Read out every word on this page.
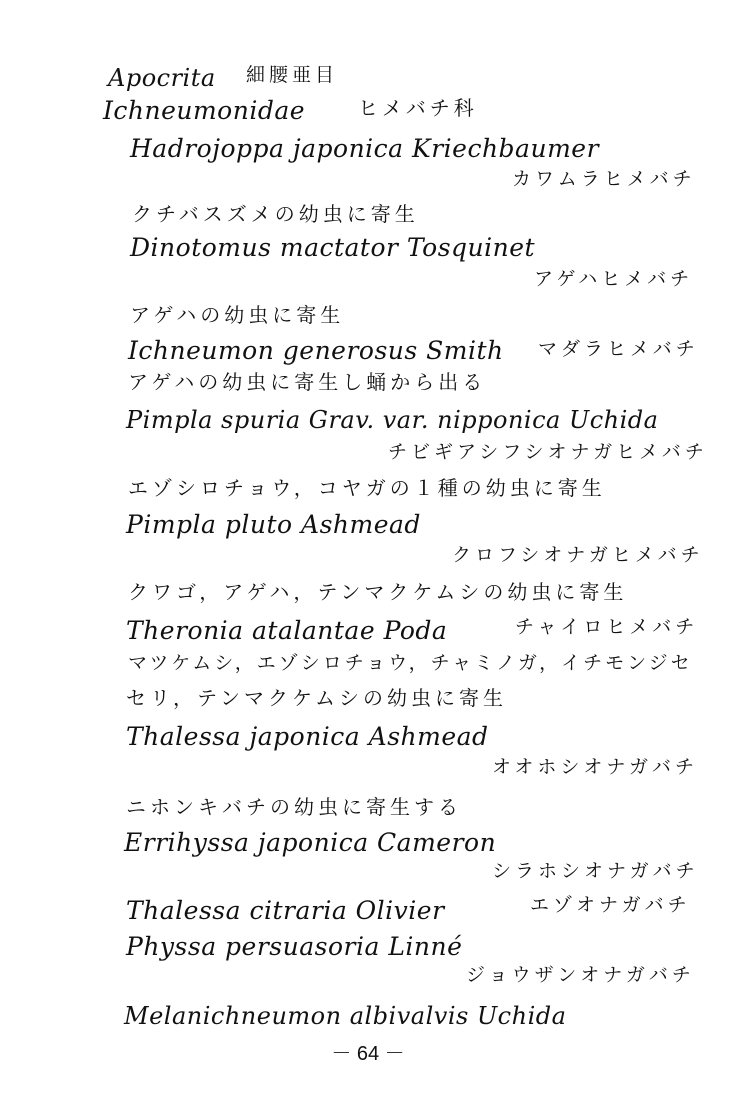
Apocrita 細腰亜目
Ichneumonidae	ヒメバチ科
Hadrojoppa japonica Kriechbaumer
カワムラヒメバチ
クチバスズメの幼虫に寄生
Dinotomus mactator Tosquinet
アゲハヒメバチ
アゲハの幼虫に寄生
Ichneumon generosus Smith マダラヒメバチ
アゲハの幼虫に寄生し蛹から出る
Pimpla spuria Grav. var. nipponica Uchida
チビギアシフシオナガヒメバチ
エゾシロチョウ，コヤガの１種の幼虫に寄生
Pimpla pluto Ashmead
クロフシオナガヒメバチ
クワゴ，アゲハ，テンマクケムシの幼虫に寄生
Theronia atalantae Poda	チャイロヒメバチ
マツケムシ，エゾシロチョウ，チャミノガ，イチモンジセ
セリ，テンマクケムシの幼虫に寄生
Thalessa japonica Ashmead
オオホシオナガバチ
ニホンキバチの幼虫に寄生する
Errihyssa japonica Cameron
シラホシオナガバチ
Thalessa citraria Olivier	エゾオナガバチ
Physsa persuasoria Linné
ジョウザンオナガバチ
Melanichneumon albivalvis Uchida
－ 64 －
